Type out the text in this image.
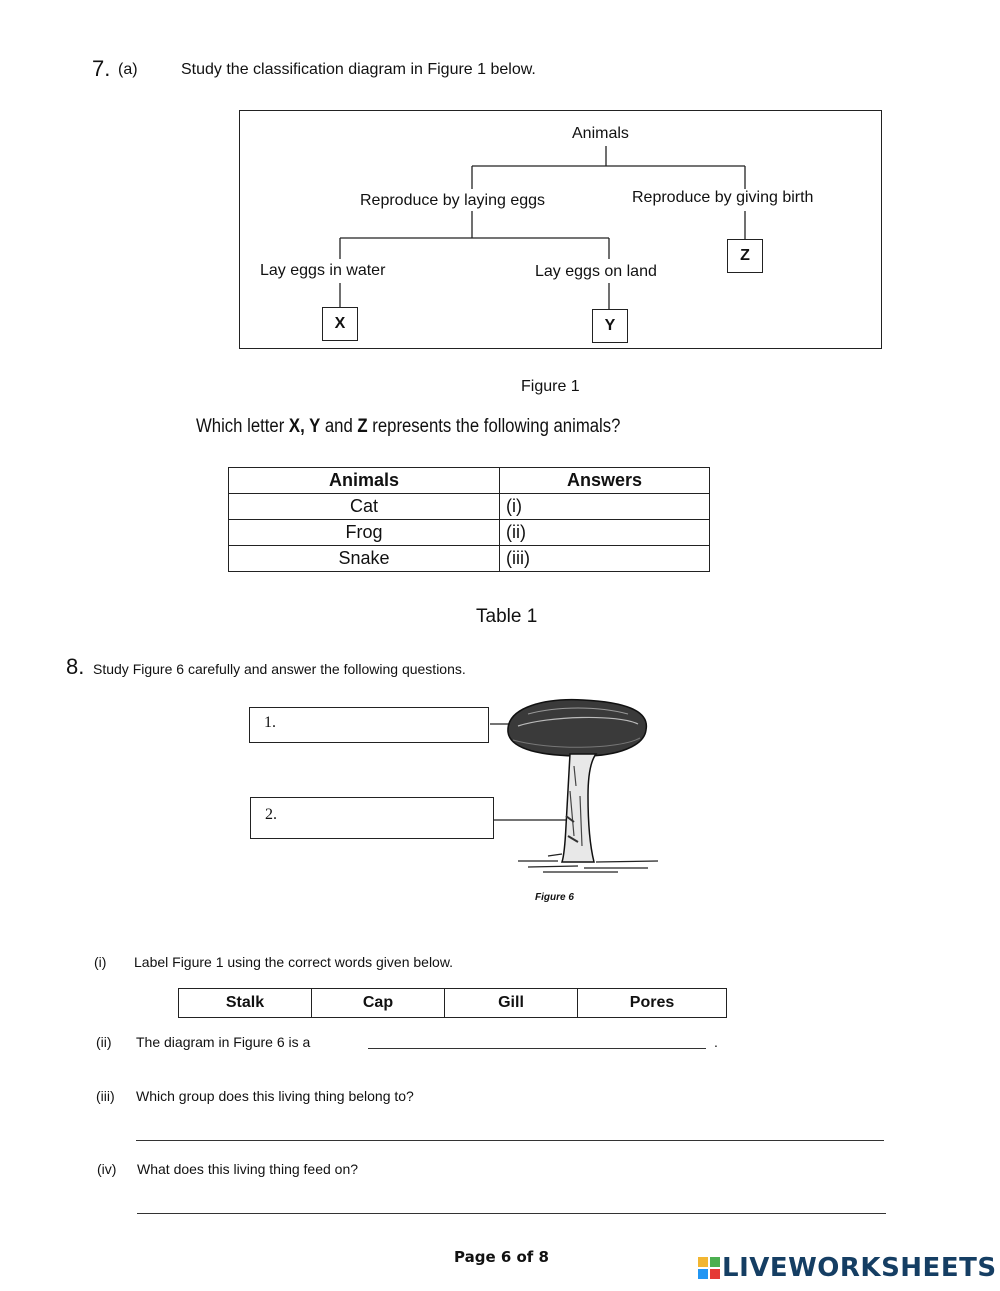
7. (a)	Study the classification diagram in Figure 1 below.
Animals
Reproduce by laying eggs	Reproduce by giving birth
Lay eggs in water	Lay eggs on land
X	Y
Z
Figure 1
Which letter X, Y and Z represents the following animals?
Animals	Answers
Cat	(i)
Frog	(ii)
Snake	(iii)
Table 1
8. Study Figure 6 carefully and answer the following questions.
1.
2.
Figure 6
(i) Label Figure 1 using the correct words given below.
Stalk	Cap	Gill	Pores
(ii) The diagram in Figure 6 is a	.
(iii) Which group does this living thing belong to?
(iv) What does this living thing feed on?
Page 6 of 8	LIVEWORKSHEETS
